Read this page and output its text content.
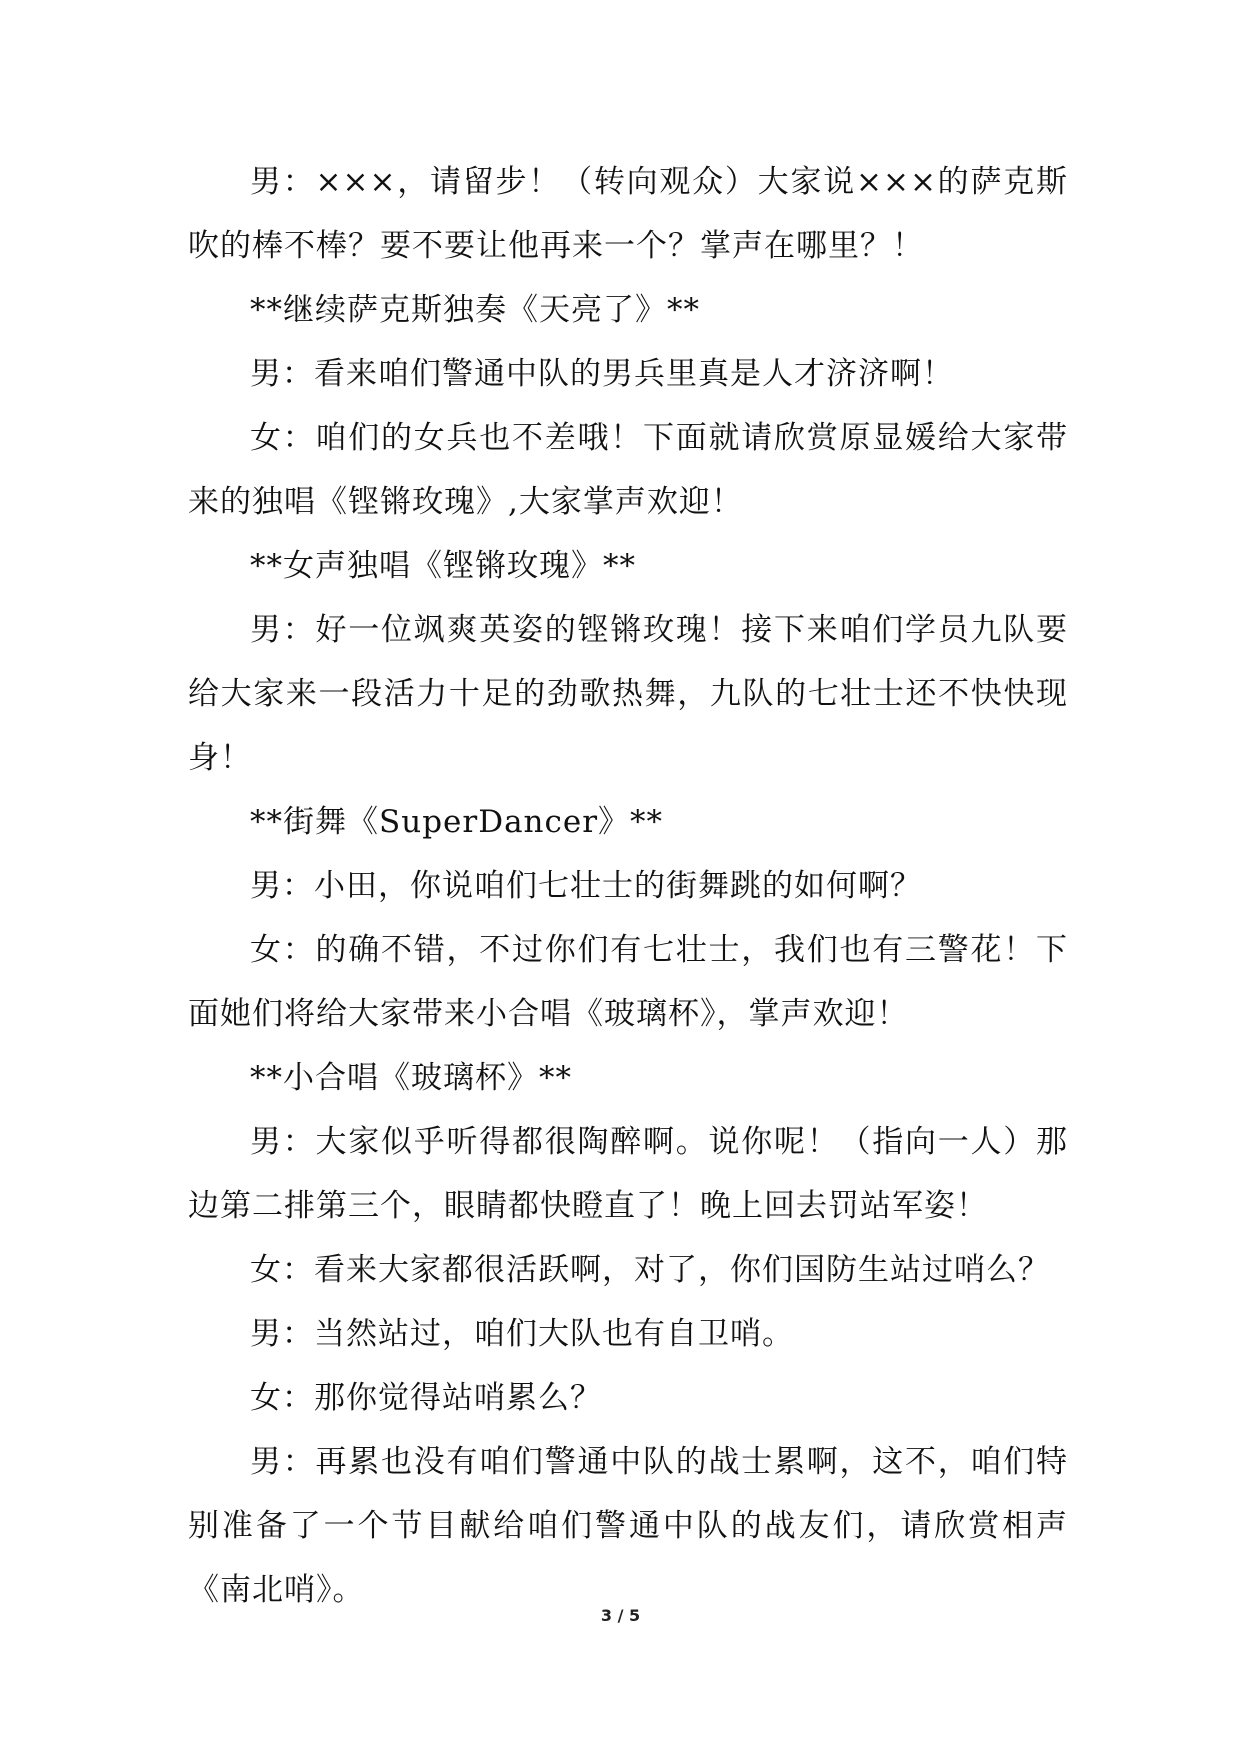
男：×××，请留步！（转向观众）大家说×××的萨克斯吹的棒不棒？要不要让他再来一个？掌声在哪里？！

**继续萨克斯独奏《天亮了》**

男：看来咱们警通中队的男兵里真是人才济济啊！

女：咱们的女兵也不差哦！下面就请欣赏原显媛给大家带来的独唱《铿锵玫瑰》,大家掌声欢迎！

**女声独唱《铿锵玫瑰》**

男：好一位飒爽英姿的铿锵玫瑰！接下来咱们学员九队要给大家来一段活力十足的劲歌热舞，九队的七壮士还不快快现身！

**街舞《SuperDancer》**

男：小田，你说咱们七壮士的街舞跳的如何啊？

女：的确不错，不过你们有七壮士，我们也有三警花！下面她们将给大家带来小合唱《玻璃杯》，掌声欢迎！

**小合唱《玻璃杯》**

男：大家似乎听得都很陶醉啊。说你呢！（指向一人）那边第二排第三个，眼睛都快瞪直了！晚上回去罚站军姿！

女：看来大家都很活跃啊，对了，你们国防生站过哨么？

男：当然站过，咱们大队也有自卫哨。

女：那你觉得站哨累么？

男：再累也没有咱们警通中队的战士累啊，这不，咱们特别准备了一个节目献给咱们警通中队的战友们，请欣赏相声《南北哨》。

3 / 5
